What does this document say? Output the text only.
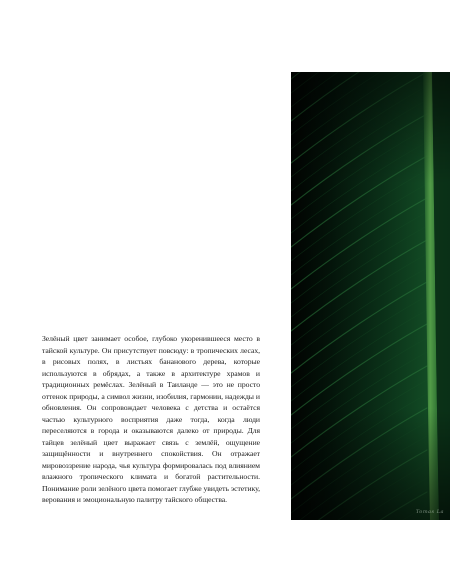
Зелёный цвет занимает особое, глубоко укоренившееся место в тайской культуре. Он присутствует повсюду: в тропических лесах, в рисовых полях, в листьях бананового дерева, которые используются в обрядах, а также в архитектуре храмов и традиционных ремёслах. Зелёный в Таиланде — это не просто оттенок природы, а символ жизни, изобилия, гармонии, надежды и обновления. Он сопровождает человека с детства и остаётся частью культурного восприятия даже тогда, когда люди переселяются в города и оказываются далеко от природы. Для тайцев зелёный цвет выражает связь с землёй, ощущение защищённости и внутреннего спокойствия. Он отражает мировоззрение народа, чья культура формировалась под влиянием влажного тропического климата и богатой растительности. Понимание роли зелёного цвета помогает глубже увидеть эстетику, верования и эмоциональную палитру тайского общества.

Tomas La
